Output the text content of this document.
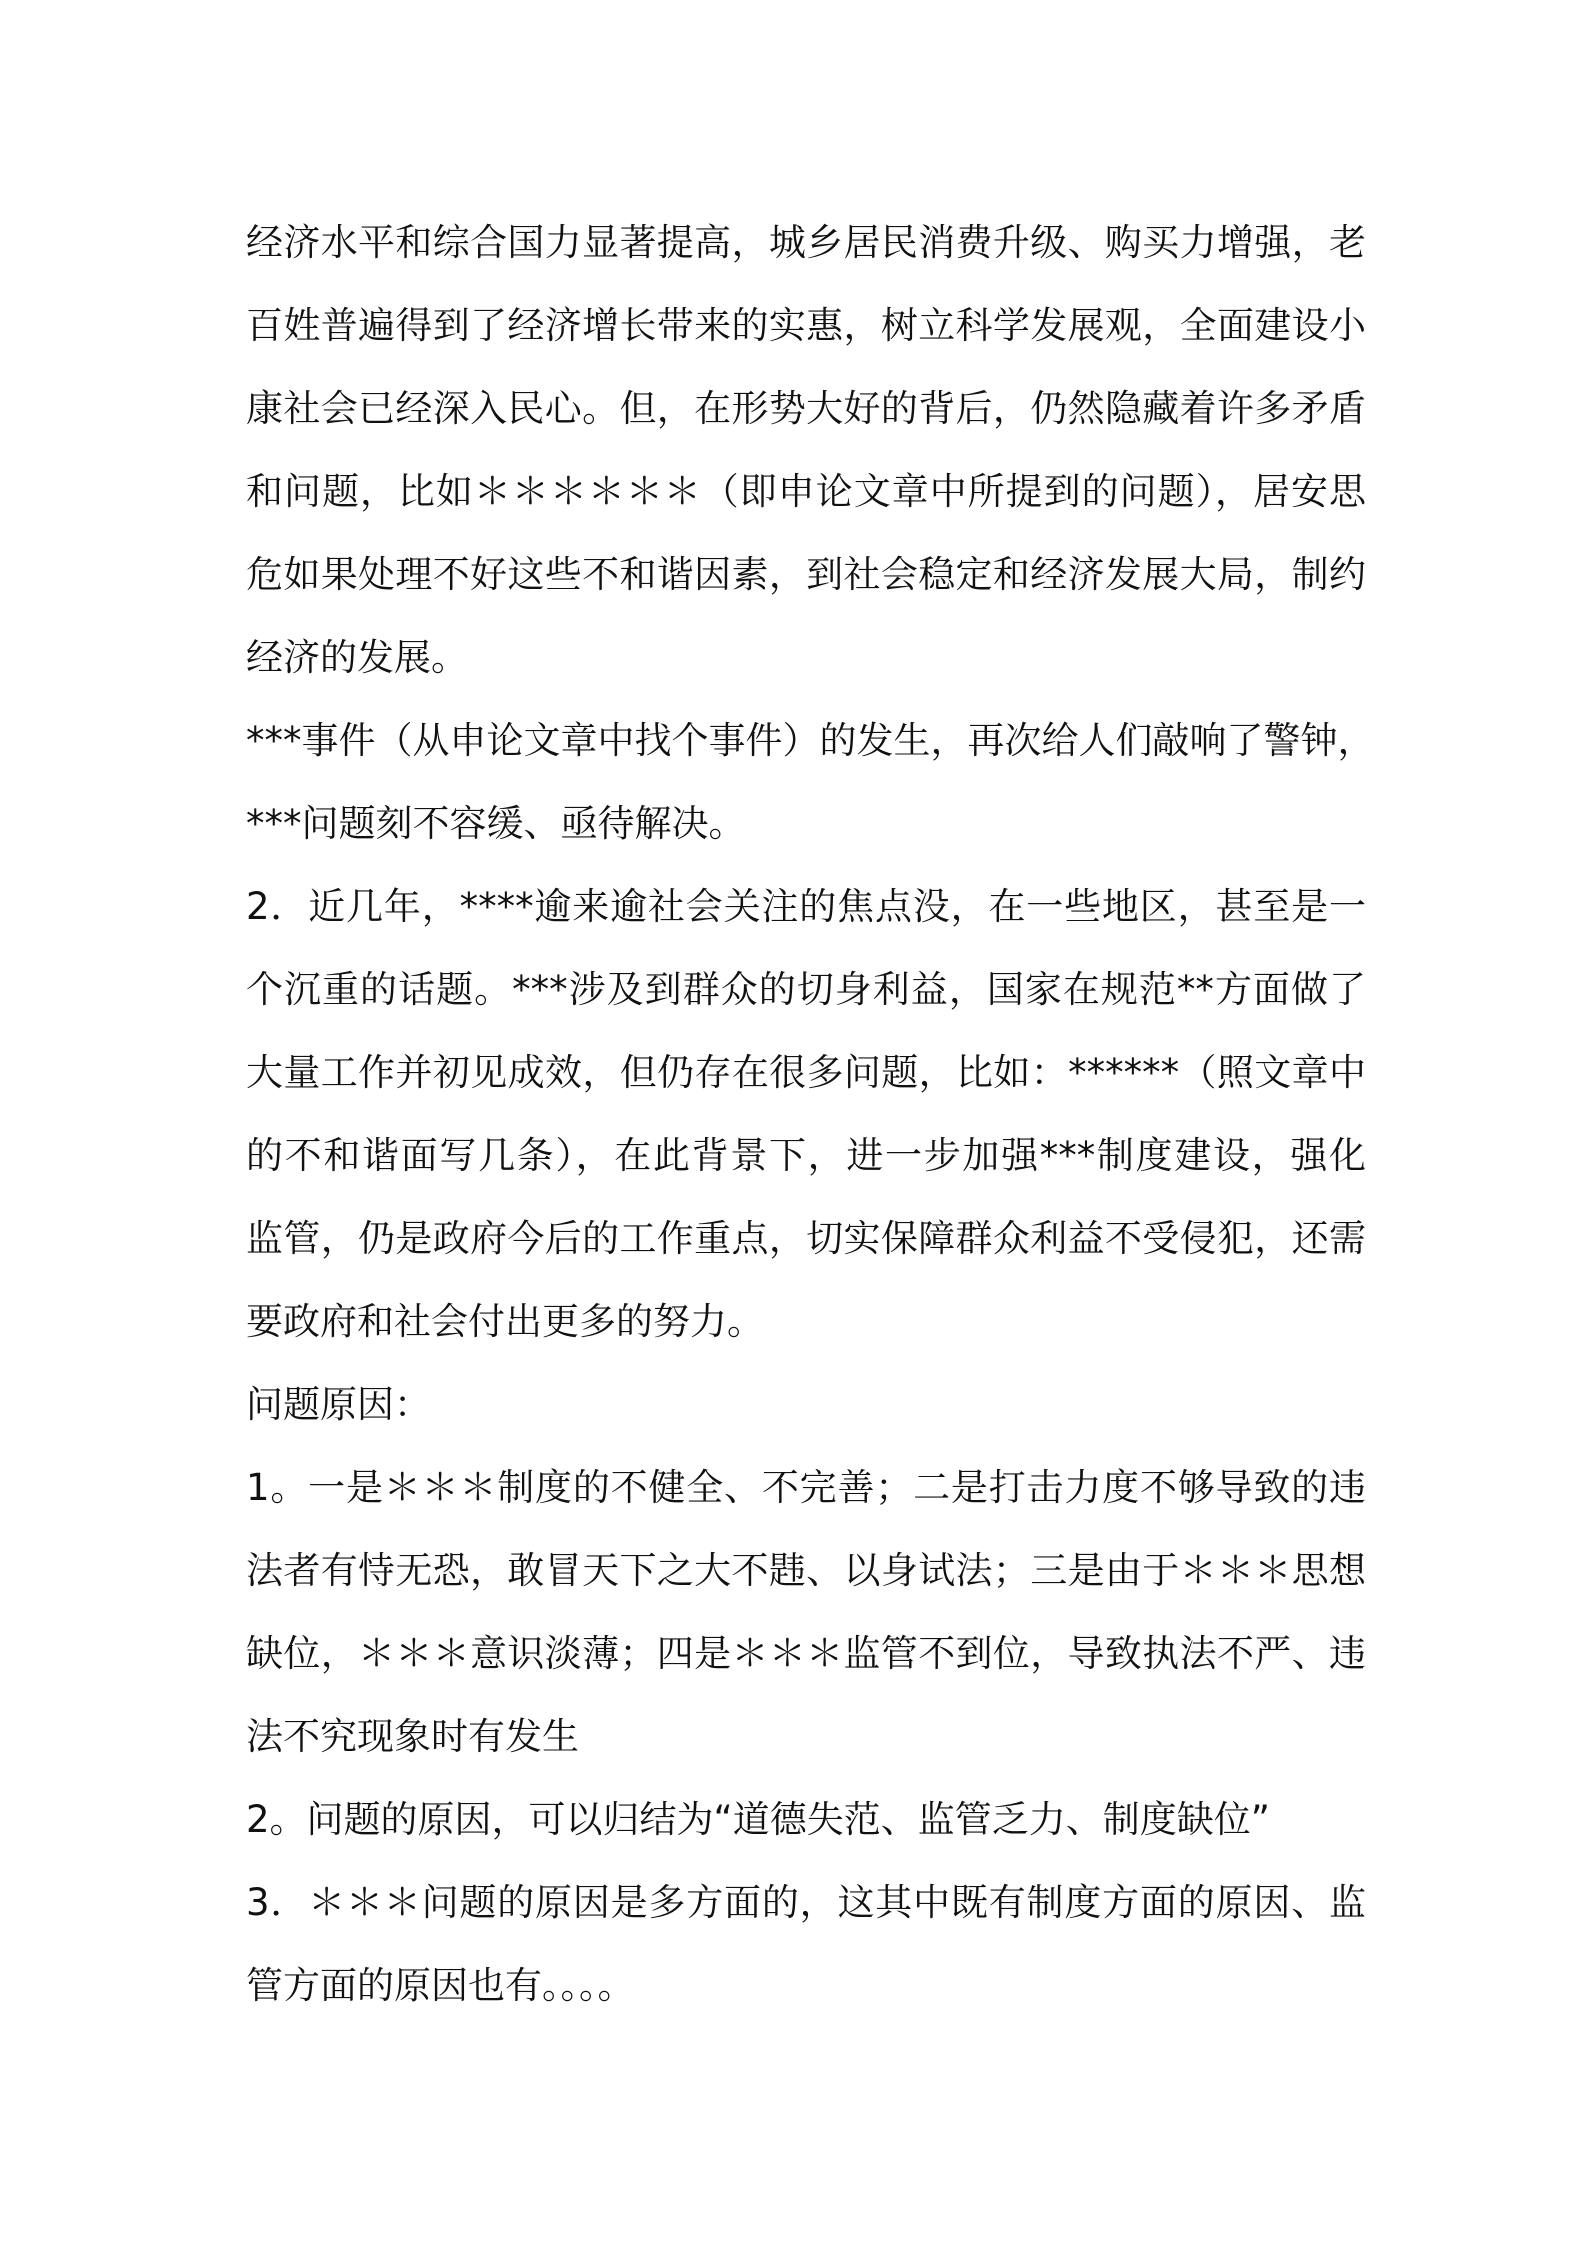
经济水平和综合国力显著提高，城乡居民消费升级、购买力增强，老
百姓普遍得到了经济增长带来的实惠，树立科学发展观，全面建设小
康社会已经深入民心。但，在形势大好的背后，仍然隐藏着许多矛盾
和问题，比如＊＊＊＊＊＊（即申论文章中所提到的问题），居安思
危如果处理不好这些不和谐因素，到社会稳定和经济发展大局，制约
经济的发展。
***事件（从申论文章中找个事件）的发生，再次给人们敲响了警钟，
***问题刻不容缓、亟待解决。
2．近几年，****逾来逾社会关注的焦点没，在一些地区，甚至是一
个沉重的话题。***涉及到群众的切身利益，国家在规范**方面做了
大量工作并初见成效，但仍存在很多问题，比如：******（照文章中
的不和谐面写几条），在此背景下，进一步加强***制度建设，强化
监管，仍是政府今后的工作重点，切实保障群众利益不受侵犯，还需
要政府和社会付出更多的努力。
问题原因：
1。一是＊＊＊制度的不健全、不完善；二是打击力度不够导致的违
法者有恃无恐，敢冒天下之大不韪、以身试法；三是由于＊＊＊思想
缺位，＊＊＊意识淡薄；四是＊＊＊监管不到位，导致执法不严、违
法不究现象时有发生
2。问题的原因，可以归结为“道德失范、监管乏力、制度缺位”
3．＊＊＊问题的原因是多方面的，这其中既有制度方面的原因、监
管方面的原因也有。。。。
